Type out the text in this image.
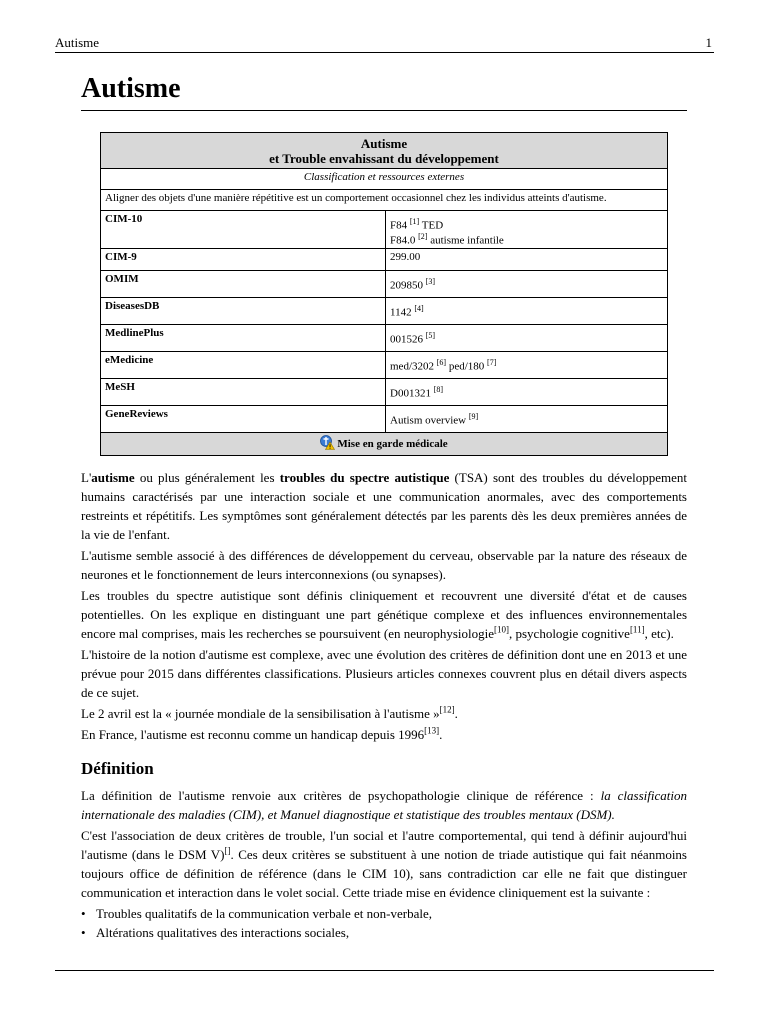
Autisme	1
Autisme
Autisme
et Trouble envahissant du développement	

Classification et ressources externes	
Aligner des objets d'une manière répétitive est un comportement occasionnel chez les individus atteints d'autisme.	
CIM-10	F84 [1] TED
F84.0 [2] autisme infantile

CIM-9	299.00
OMIM	209850 [3]
DiseasesDB	1142 [4]
MedlinePlus	001526 [5]
eMedicine	med/3202 [6] ped/180 [7]
MeSH	D001321 [8]
GeneReviews	Autism overview [9]
Mise en garde médicale	

L'autisme ou plus généralement les troubles du spectre autistique (TSA) sont des troubles du développement humains caractérisés par une interaction sociale et une communication anormales, avec des comportements restreints et répétitifs. Les symptômes sont généralement détectés par les parents dès les deux premières années de la vie de l'enfant.

L'autisme semble associé à des différences de développement du cerveau, observable par la nature des réseaux de neurones et le fonctionnement de leurs interconnexions (ou synapses).

Les troubles du spectre autistique sont définis cliniquement et recouvrent une diversité d'état et de causes potentielles. On les explique en distinguant une part génétique complexe et des influences environnementales encore mal comprises, mais les recherches se poursuivent (en neurophysiologie[10], psychologie cognitive[11], etc).

L'histoire de la notion d'autisme est complexe, avec une évolution des critères de définition dont une en 2013 et une prévue pour 2015 dans différentes classifications. Plusieurs articles connexes couvrent plus en détail divers aspects de ce sujet.

Le 2 avril est la « journée mondiale de la sensibilisation à l'autisme »[12].

En France, l'autisme est reconnu comme un handicap depuis 1996[13].

Définition

La définition de l'autisme renvoie aux critères de psychopathologie clinique de référence : la classification internationale des maladies (CIM), et Manuel diagnostique et statistique des troubles mentaux (DSM).

C'est l'association de deux critères de trouble, l'un social et l'autre comportemental, qui tend à définir aujourd'hui l'autisme (dans le DSM V)[]. Ces deux critères se substituent à une notion de triade autistique qui fait néanmoins toujours office de définition de référence (dans le CIM 10), sans contradiction car elle ne fait que distinguer communication et interaction dans le volet social. Cette triade mise en évidence cliniquement est la suivante :

• Troubles qualitatifs de la communication verbale et non-verbale,
• Altérations qualitatives des interactions sociales,
